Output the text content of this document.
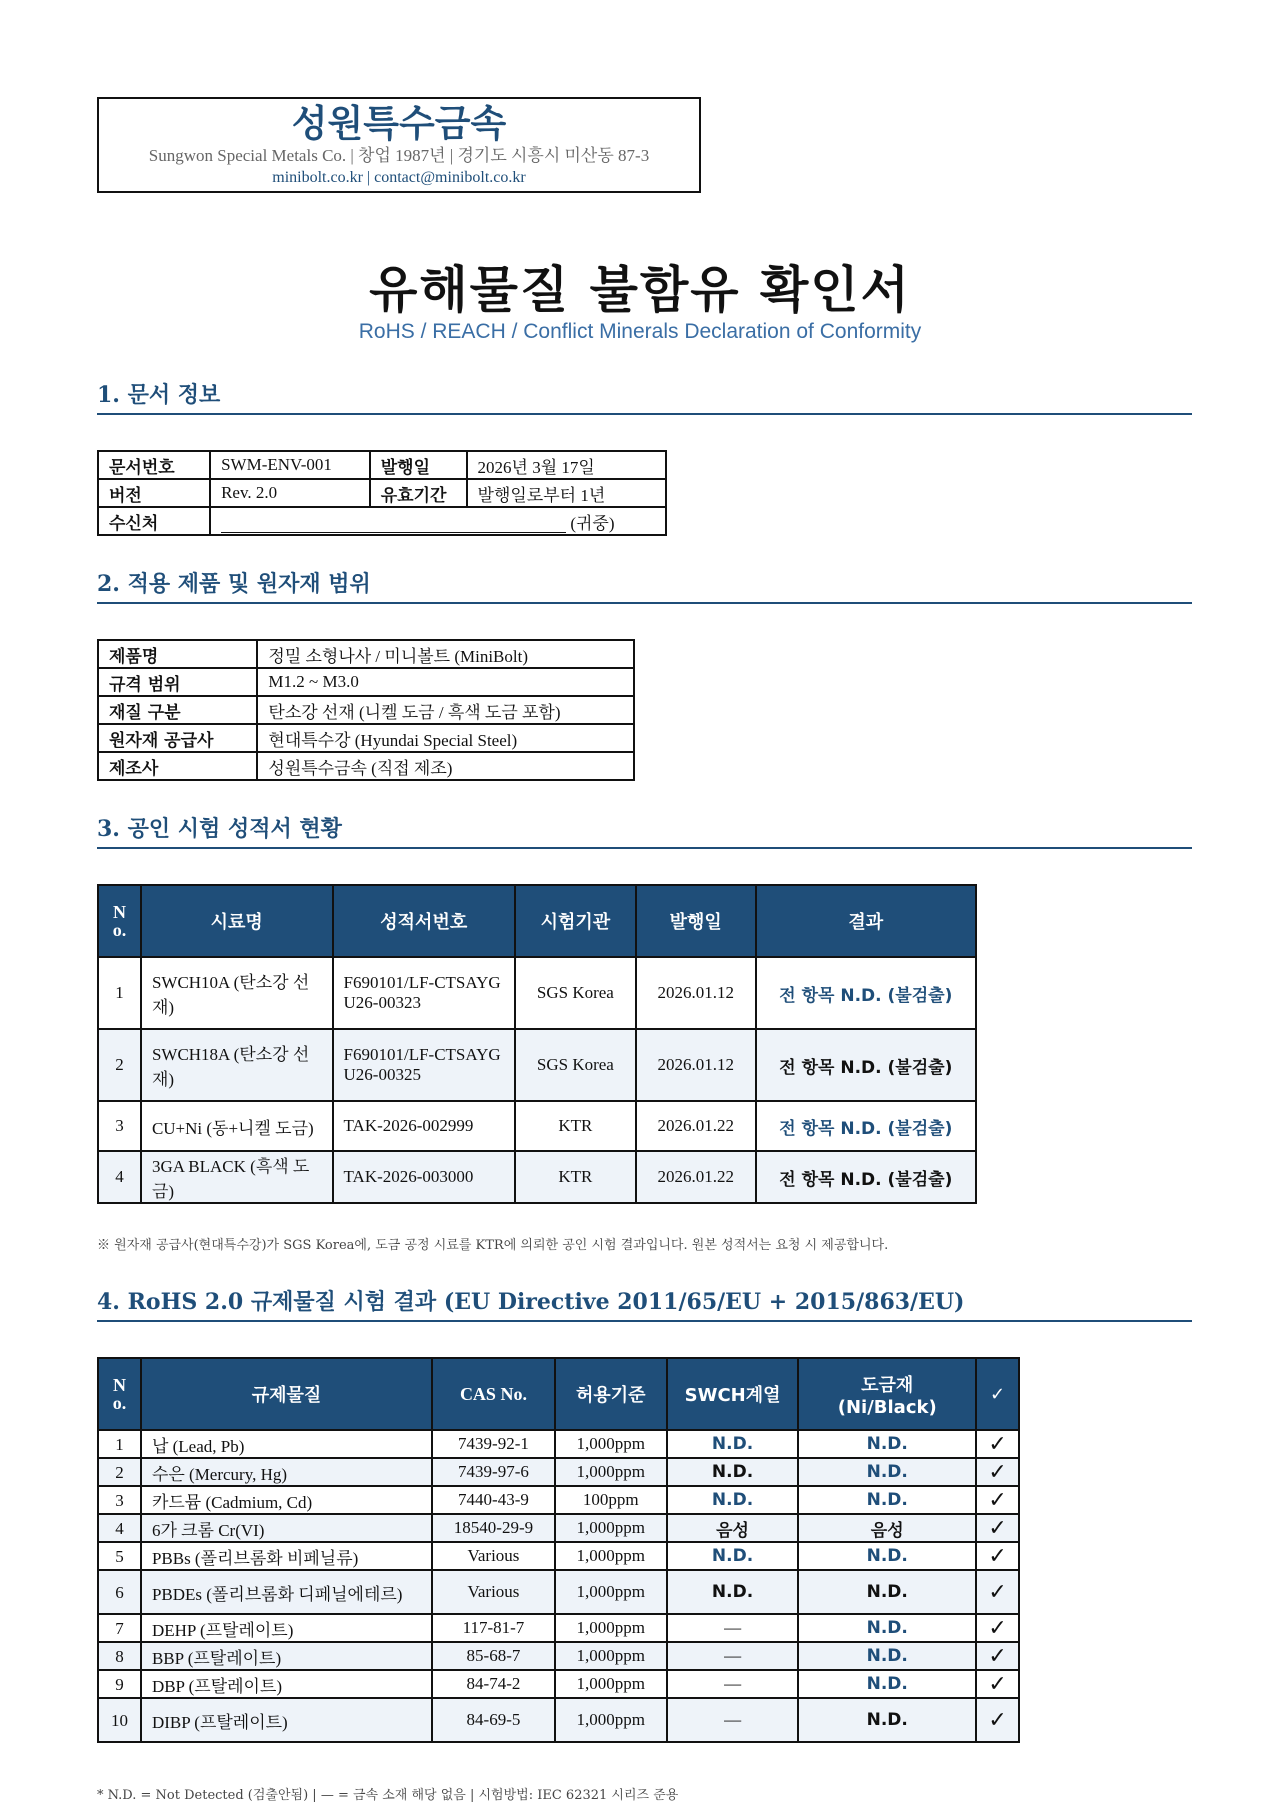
성원특수금속
Sungwon Special Metals Co. | 창업 1987년 | 경기도 시흥시 미산동 87-3
minibolt.co.kr | contact@minibolt.co.kr
유해물질 불함유 확인서
RoHS / REACH / Conflict Minerals Declaration of Conformity
1. 문서 정보
문서번호	SWM-ENV-001	발행일	2026년 3월 17일
버전	Rev. 2.0	유효기간	발행일로부터 1년
수신처	(귀중)		
2. 적용 제품 및 원자재 범위
제품명	정밀 소형나사 / 미니볼트 (MiniBolt)
규격 범위	M1.2 ~ M3.0
재질 구분	탄소강 선재 (니켈 도금 / 흑색 도금 포함)
원자재 공급사	현대특수강 (Hyundai Special Steel)
제조사	성원특수금속 (직접 제조)
3. 공인 시험 성적서 현황
No.	시료명	성적서번호	시험기관	발행일	결과
1	SWCH10A (탄소강 선재)	F690101/LF-CTSAYGU26-00323	SGS Korea	2026.01.12	전 항목 N.D. (불검출)
2	SWCH18A (탄소강 선재)	F690101/LF-CTSAYGU26-00325	SGS Korea	2026.01.12	전 항목 N.D. (불검출)
3	CU+Ni (동+니켈 도금)	TAK-2026-002999	KTR	2026.01.22	전 항목 N.D. (불검출)
4	3GA BLACK (흑색 도금)	TAK-2026-003000	KTR	2026.01.22	전 항목 N.D. (불검출)
※ 원자재 공급사(현대특수강)가 SGS Korea에, 도금 공정 시료를 KTR에 의뢰한 공인 시험 결과입니다. 원본 성적서는 요청 시 제공합니다.
4. RoHS 2.0 규제물질 시험 결과 (EU Directive 2011/65/EU + 2015/863/EU)
No.	규제물질	CAS No.	허용기준	SWCH계열	도금재 (Ni/Black)	✓
1	납 (Lead, Pb)	7439-92-1	1,000ppm	N.D.	N.D.	✓
2	수은 (Mercury, Hg)	7439-97-6	1,000ppm	N.D.	N.D.	✓
3	카드뮴 (Cadmium, Cd)	7440-43-9	100ppm	N.D.	N.D.	✓
4	6가 크롬 Cr(VI)	18540-29-9	1,000ppm	음성	음성	✓
5	PBBs (폴리브롬화 비페닐류)	Various	1,000ppm	N.D.	N.D.	✓
6	PBDEs (폴리브롬화 디페닐에테르)	Various	1,000ppm	N.D.	N.D.	✓
7	DEHP (프탈레이트)	117-81-7	1,000ppm	—	N.D.	✓
8	BBP (프탈레이트)	85-68-7	1,000ppm	—	N.D.	✓
9	DBP (프탈레이트)	84-74-2	1,000ppm	—	N.D.	✓
10	DIBP (프탈레이트)	84-69-5	1,000ppm	—	N.D.	✓
* N.D. = Not Detected (검출안됨) | — = 금속 소재 해당 없음 | 시험방법: IEC 62321 시리즈 준용
